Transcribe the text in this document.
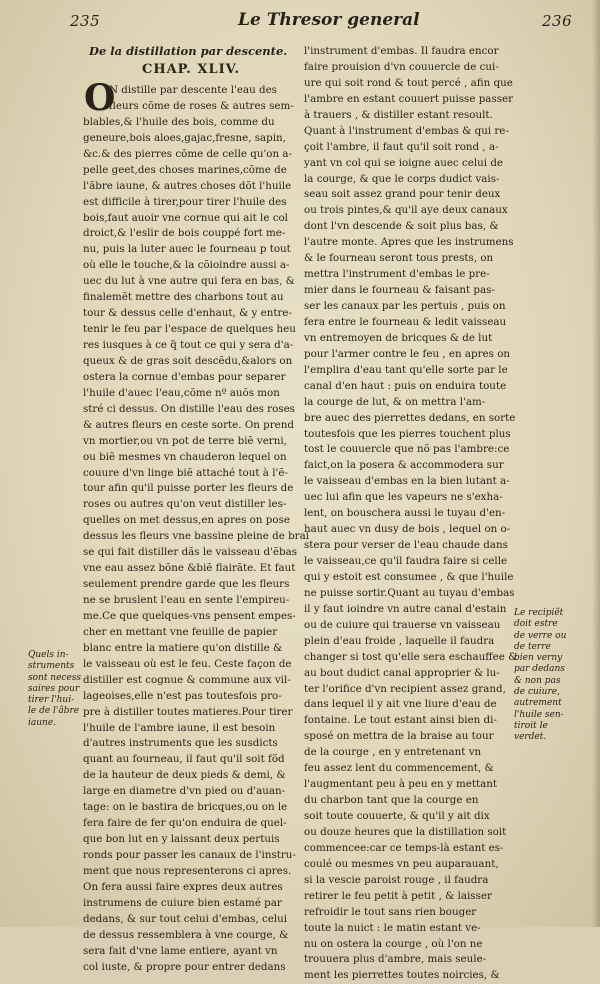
235	Le Thresor general	236
De la distillation par descente.
CHAP. XLIV.
O
N distille par descente l'eau des
fleurs cõme de roses & autres sem-
blables,& l'huile des bois, comme du
geneure,bois aloes,gajac,fresne, sapin,
&c.& des pierres cõme de celle qu'on a-
pelle geet,des choses marines,cõme de
l'ãbre iaune, & autres choses dõt l'huile
est difficile à tirer,pour tirer l'huile des
bois,faut auoir vne cornue qui ait le col
droict,& l'eslir de bois couppé fort me-
nu, puis la luter auec le fourneau p tout
où elle le touche,& la cõioindre aussi a-
uec du lut à vne autre qui fera en bas, &
finalemẽt mettre des charbons tout au
tour & dessus celle d'enhaut, & y entre-
tenir le feu par l'espace de quelques heu
res iusques à ce q̃ tout ce qui y sera d'a-
queux & de gras soit descẽdu,&alors on
ostera la cornue d'embas pour separer
l'huile d'auec l'eau,cõme nº auõs mon
stré ci dessus. On distille l'eau des roses
& autres fleurs en ceste sorte. On prend
vn mortier,ou vn pot de terre biẽ verni,
ou biẽ mesmes vn chauderon lequel on
couure d'vn linge biẽ attaché tout à l'ẽ-
tour afin qu'il puisse porter les fleurs de
roses ou autres qu'on veut distiller les-
quelles on met dessus,en apres on pose
dessus les fleurs vne bassine pleine de brai
se qui fait distiller dãs le vaisseau d'ẽbas
vne eau assez bõne &biẽ flairãte. Et faut
seulement prendre garde que les fleurs
ne se bruslent l'eau en sente l'empireu-
me.Ce que quelques-vns pensent empes-
cher en mettant vne feuille de papier
blanc entre la matiere qu'on distille &
le vaisseau où est le feu. Ceste façon de
distiller est cognue & commune aux vil-
lageoises,elle n'est pas toutesfois pro-
pre à distiller toutes matieres.Pour tirer
l'huile de l'ambre iaune, il est besoin
d'autres instruments que les susdicts
quant au fourneau, il faut qu'il soit fõd
de la hauteur de deux pieds & demi, &
large en diametre d'vn pied ou d'auan-
tage: on le bastira de bricques,ou on le
fera faire de fer qu'on enduira de quel-
que bon lut en y laissant deux pertuis
ronds pour passer les canaux de l'instru-
ment que nous representerons ci apres.
On fera aussi faire expres deux autres
instrumens de cuiure bien estamé par
dedans, & sur tout celui d'embas, celui
de dessus ressemblera à vne courge, &
sera fait d'vne lame entiere, ayant vn
col iuste, & propre pour entrer dedans
l'instrument d'embas. Il faudra encor
faire prouision d'vn couuercle de cui-
ure qui soit rond & tout percé , afin que
l'ambre en estant couuert puisse passer
à trauers , & distiller estant resoult.
Quant à l'instrument d'embas & qui re-
çoit l'ambre, il faut qu'il soit rond , a-
yant vn col qui se ioigne auec celui de
la courge, & que le corps dudict vais-
seau soit assez grand pour tenir deux
ou trois pintes,& qu'il aye deux canaux
dont l'vn descende & soit plus bas, &
l'autre monte. Apres que les instrumens
& le fourneau seront tous prests, on
mettra l'instrument d'embas le pre-
mier dans le fourneau & faisant pas-
ser les canaux par les pertuis , puis on
fera entre le fourneau & ledit vaisseau
vn entremoyen de bricques & de lut
pour l'armer contre le feu , en apres on
l'emplira d'eau tant qu'elle sorte par le
canal d'en haut : puis on enduira toute
la courge de lut, & on mettra l'am-
bre auec des pierrettes dedans, en sorte
toutesfois que les pierres touchent plus
tost le couuercle que nõ pas l'ambre:ce
faict,on la posera & accommodera sur
le vaisseau d'embas en la bien lutant a-
uec lui afin que les vapeurs ne s'exha-
lent, on bouschera aussi le tuyau d'en-
haut auec vn dusy de bois , lequel on o-
stera pour verser de l'eau chaude dans
le vaisseau,ce qu'il faudra faire si celle
qui y estoit est consumee , & que l'huile
ne puisse sortir.Quant au tuyau d'embas
il y faut ioindre vn autre canal d'estain
ou de cuiure qui trauerse vn vaisseau
plein d'eau froide , laquelle il faudra
changer si tost qu'elle sera eschauffee &
au bout dudict canal approprier & lu-
ter l'orifice d'vn recipient assez grand,
dans lequel il y ait vne liure d'eau de
fontaine. Le tout estant ainsi bien di-
sposé on mettra de la braise au tour
de la courge , en y entretenant vn
feu assez lent du commencement, &
l'augmentant peu à peu en y mettant
du charbon tant que la courge en
soit toute couuerte, & qu'il y ait dix
ou douze heures que la distillation soit
commencee:car ce temps-là estant es-
coulé ou mesmes vn peu auparauant,
si la vescie paroist rouge , il faudra
retirer le feu petit à petit , & laisser
refroidir le tout sans rien bouger
toute la nuict : le matin estant ve-
nu on ostera la courge , où l'on ne
trouuera plus d'ambre, mais seule-
ment les pierrettes toutes noircies, &
Quels in-
struments
sont necess
saires pour
tirer l'hui-
le de l'ãbre
iaune.
Le recipiẽt
doit estre
de verre ou
de terre
bien verny
par dedans
& non pas
de cuiure,
autrement
l'huile sen-
tiroit le
verdet.
